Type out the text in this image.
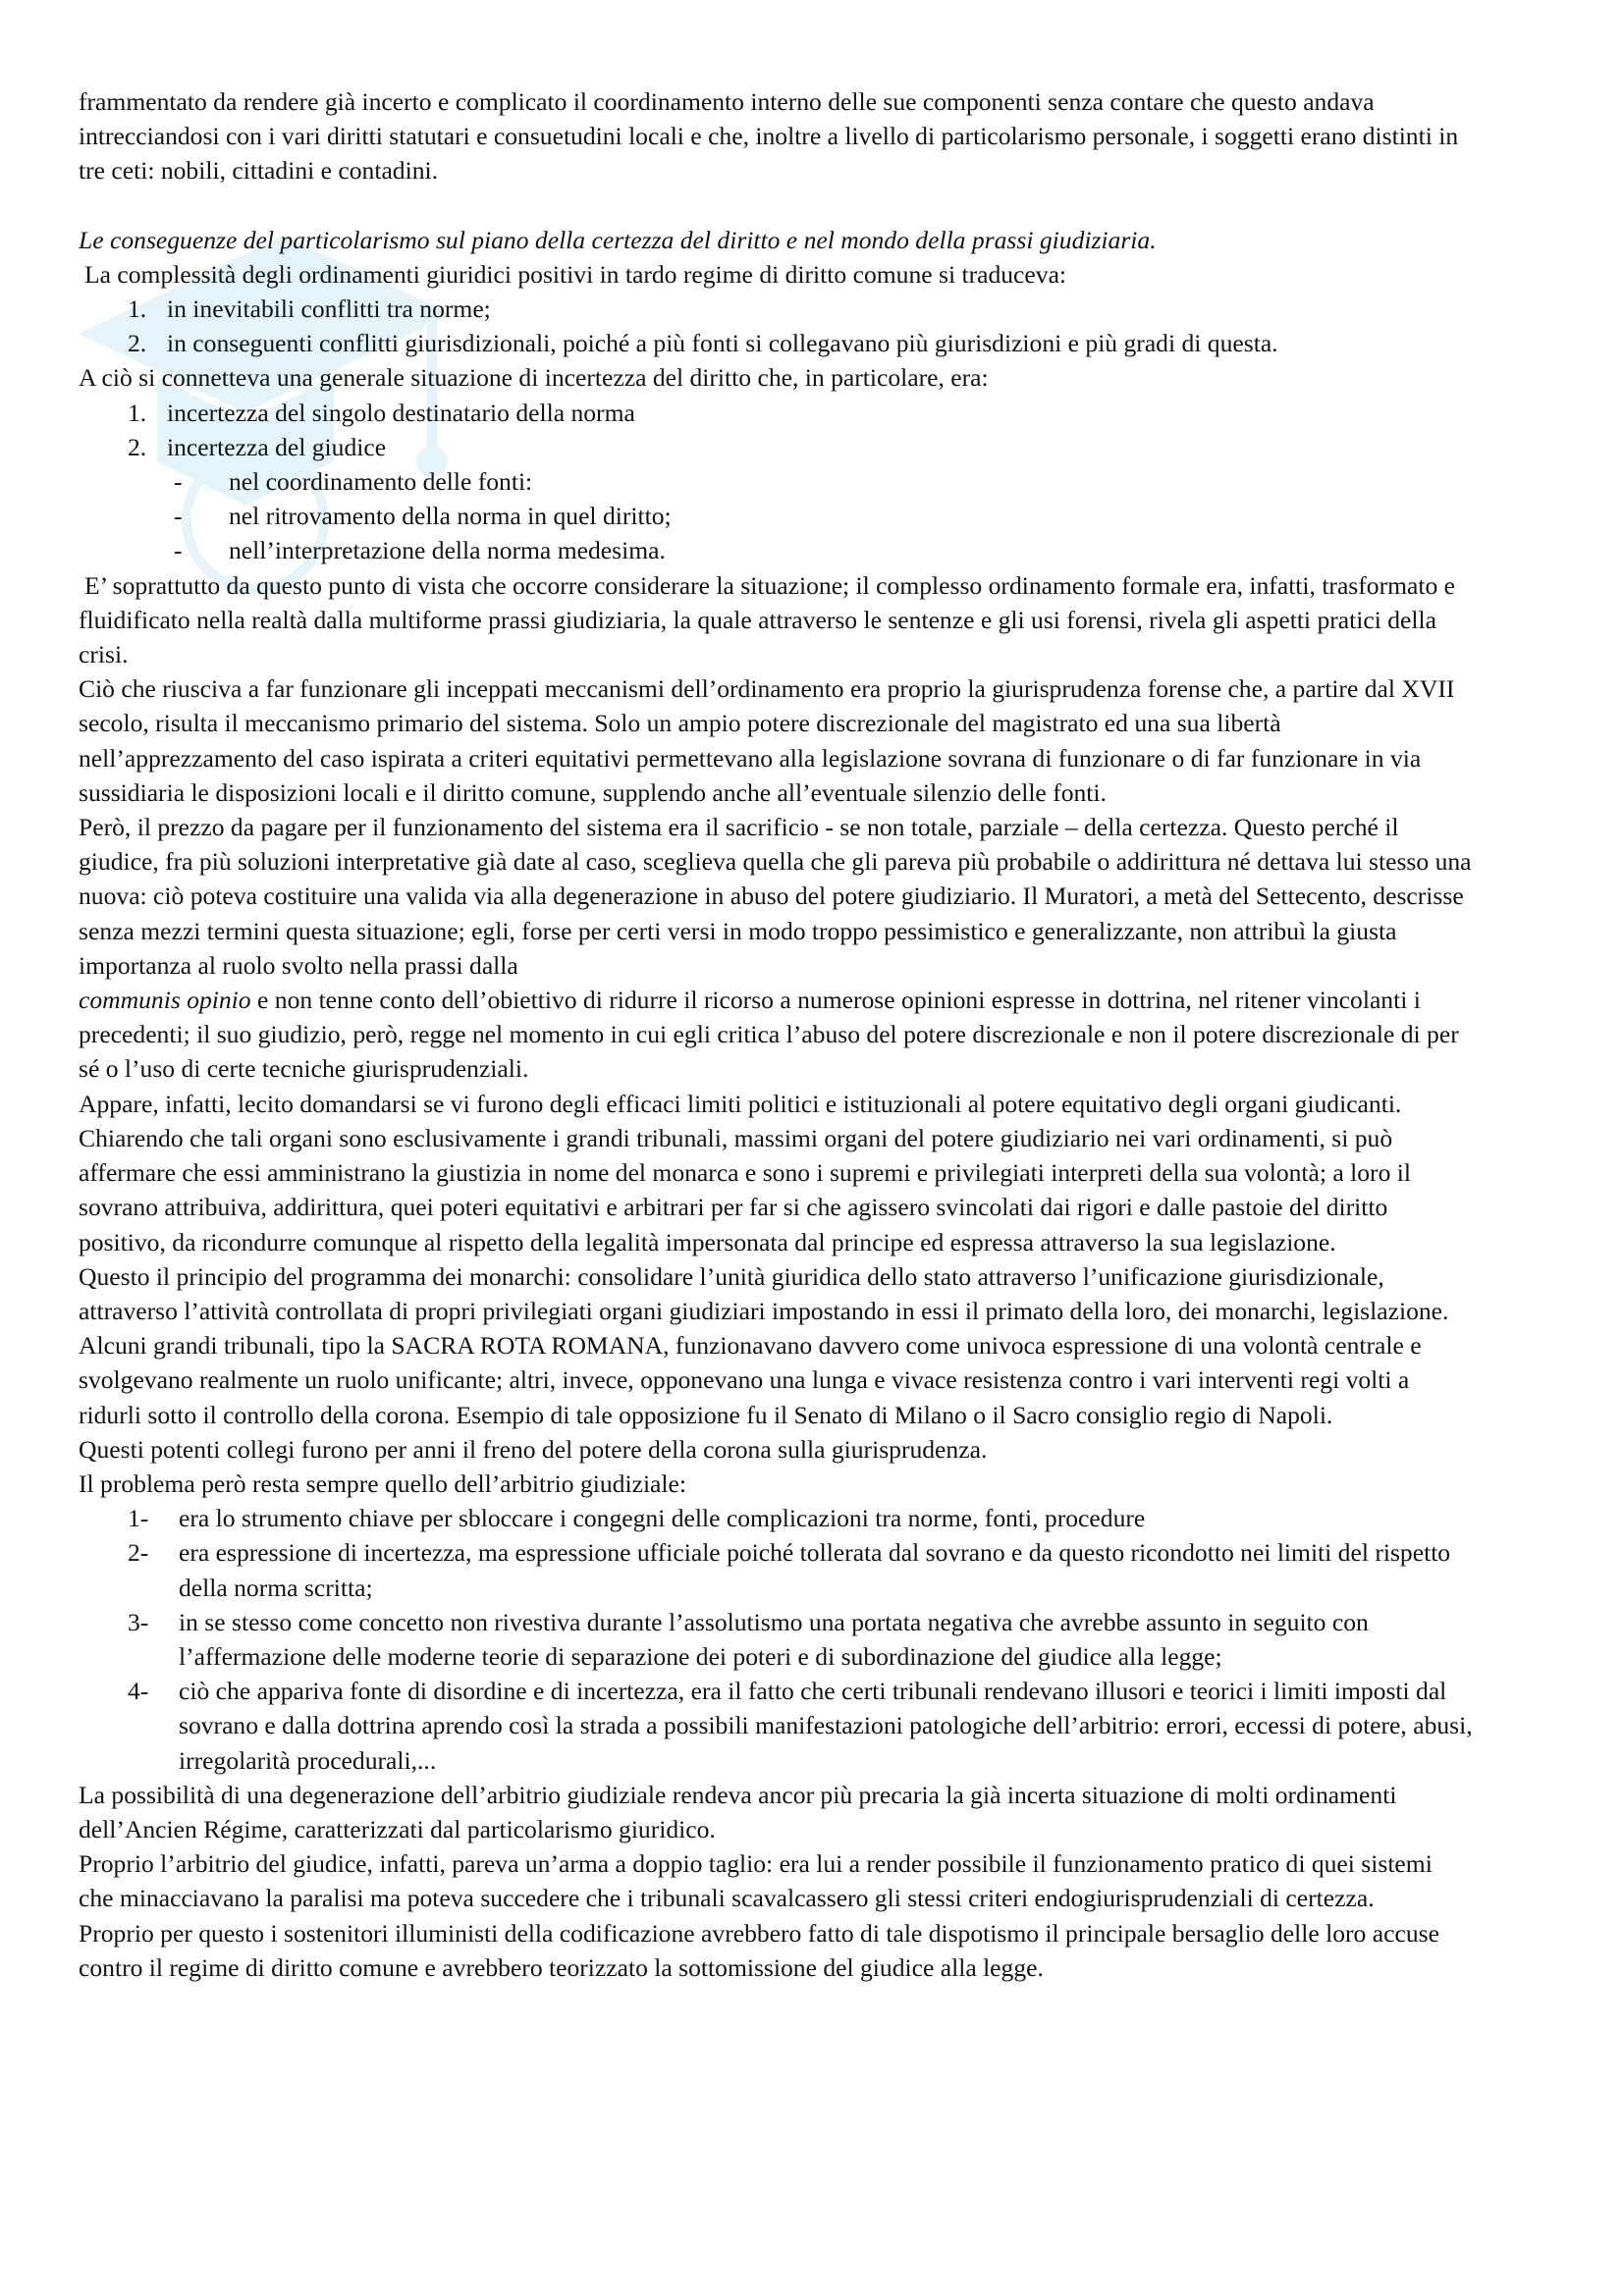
frammentato da rendere già incerto e complicato il coordinamento interno delle sue componenti senza contare che questo andava intrecciandosi con i vari diritti statutari e consuetudini locali e che, inoltre a livello di particolarismo personale, i soggetti erano distinti in tre ceti: nobili, cittadini e contadini.

Le conseguenze del particolarismo sul piano della certezza del diritto e nel mondo della prassi giudiziaria.

La complessità degli ordinamenti giuridici positivi in tardo regime di diritto comune si traduceva:

1. in inevitabili conflitti tra norme;
2. in conseguenti conflitti giurisdizionali, poiché a più fonti si collegavano più giurisdizioni e più gradi di questa.

A ciò si connetteva una generale situazione di incertezza del diritto che, in particolare, era:

1. incertezza del singolo destinatario della norma
2. incertezza del giudice
-	nel coordinamento delle fonti:
-	nel ritrovamento della norma in quel diritto;
-	nell’interpretazione della norma medesima.

E’ soprattutto da questo punto di vista che occorre considerare la situazione; il complesso ordinamento formale era, infatti, trasformato e fluidificato nella realtà dalla multiforme prassi giudiziaria, la quale attraverso le sentenze e gli usi forensi, rivela gli aspetti pratici della crisi.

Ciò che riusciva a far funzionare gli inceppati meccanismi dell’ordinamento era proprio la giurisprudenza forense che, a partire dal XVII secolo, risulta il meccanismo primario del sistema. Solo un ampio potere discrezionale del magistrato ed una sua libertà nell’apprezzamento del caso ispirata a criteri equitativi permettevano alla legislazione sovrana di funzionare o di far funzionare in via sussidiaria le disposizioni locali e il diritto comune, supplendo anche all’eventuale silenzio delle fonti.

Però, il prezzo da pagare per il funzionamento del sistema era il sacrificio - se non totale, parziale – della certezza. Questo perché il giudice, fra più soluzioni interpretative già date al caso, sceglieva quella che gli pareva più probabile o addirittura né dettava lui stesso una nuova: ciò poteva costituire una valida via alla degenerazione in abuso del potere giudiziario. Il Muratori, a metà del Settecento, descrisse senza mezzi termini questa situazione; egli, forse per certi versi in modo troppo pessimistico e generalizzante, non attribuì la giusta importanza al ruolo svolto nella prassi dalla
communis opinio e non tenne conto dell’obiettivo di ridurre il ricorso a numerose opinioni espresse in dottrina, nel ritener vincolanti i precedenti; il suo giudizio, però, regge nel momento in cui egli critica l’abuso del potere discrezionale e non il potere discrezionale di per sé o l’uso di certe tecniche giurisprudenziali.

Appare, infatti, lecito domandarsi se vi furono degli efficaci limiti politici e istituzionali al potere equitativo degli organi giudicanti. Chiarendo che tali organi sono esclusivamente i grandi tribunali, massimi organi del potere giudiziario nei vari ordinamenti, si può affermare che essi amministrano la giustizia in nome del monarca e sono i supremi e privilegiati interpreti della sua volontà; a loro il sovrano attribuiva, addirittura, quei poteri equitativi e arbitrari per far si che agissero svincolati dai rigori e dalle pastoie del diritto positivo, da ricondurre comunque al rispetto della legalità impersonata dal principe ed espressa attraverso la sua legislazione.

Questo il principio del programma dei monarchi: consolidare l’unità giuridica dello stato attraverso l’unificazione giurisdizionale, attraverso l’attività controllata di propri privilegiati organi giudiziari impostando in essi il primato della loro, dei monarchi, legislazione.

Alcuni grandi tribunali, tipo la SACRA ROTA ROMANA, funzionavano davvero come univoca espressione di una volontà centrale e svolgevano realmente un ruolo unificante; altri, invece, opponevano una lunga e vivace resistenza contro i vari interventi regi volti a ridurli sotto il controllo della corona. Esempio di tale opposizione fu il Senato di Milano o il Sacro consiglio regio di Napoli.

Questi potenti collegi furono per anni il freno del potere della corona sulla giurisprudenza.

Il problema però resta sempre quello dell’arbitrio giudiziale:

1-	era lo strumento chiave per sbloccare i congegni delle complicazioni tra norme, fonti, procedure
2-	era espressione di incertezza, ma espressione ufficiale poiché tollerata dal sovrano e da questo ricondotto nei limiti del rispetto della norma scritta;
3-	in se stesso come concetto non rivestiva durante l’assolutismo una portata negativa che avrebbe assunto in seguito con l’affermazione delle moderne teorie di separazione dei poteri e di subordinazione del giudice alla legge;
4-	ciò che appariva fonte di disordine e di incertezza, era il fatto che certi tribunali rendevano illusori e teorici i limiti imposti dal sovrano e dalla dottrina aprendo così la strada a possibili manifestazioni patologiche dell’arbitrio: errori, eccessi di potere, abusi, irregolarità procedurali,...

La possibilità di una degenerazione dell’arbitrio giudiziale rendeva ancor più precaria la già incerta situazione di molti ordinamenti dell’Ancien Régime, caratterizzati dal particolarismo giuridico.

Proprio l’arbitrio del giudice, infatti, pareva un’arma a doppio taglio: era lui a render possibile il funzionamento pratico di quei sistemi che minacciavano la paralisi ma poteva succedere che i tribunali scavalcassero gli stessi criteri endogiurisprudenziali di certezza.

Proprio per questo i sostenitori illuministi della codificazione avrebbero fatto di tale dispotismo il principale bersaglio delle loro accuse contro il regime di diritto comune e avrebbero teorizzato la sottomissione del giudice alla legge.
